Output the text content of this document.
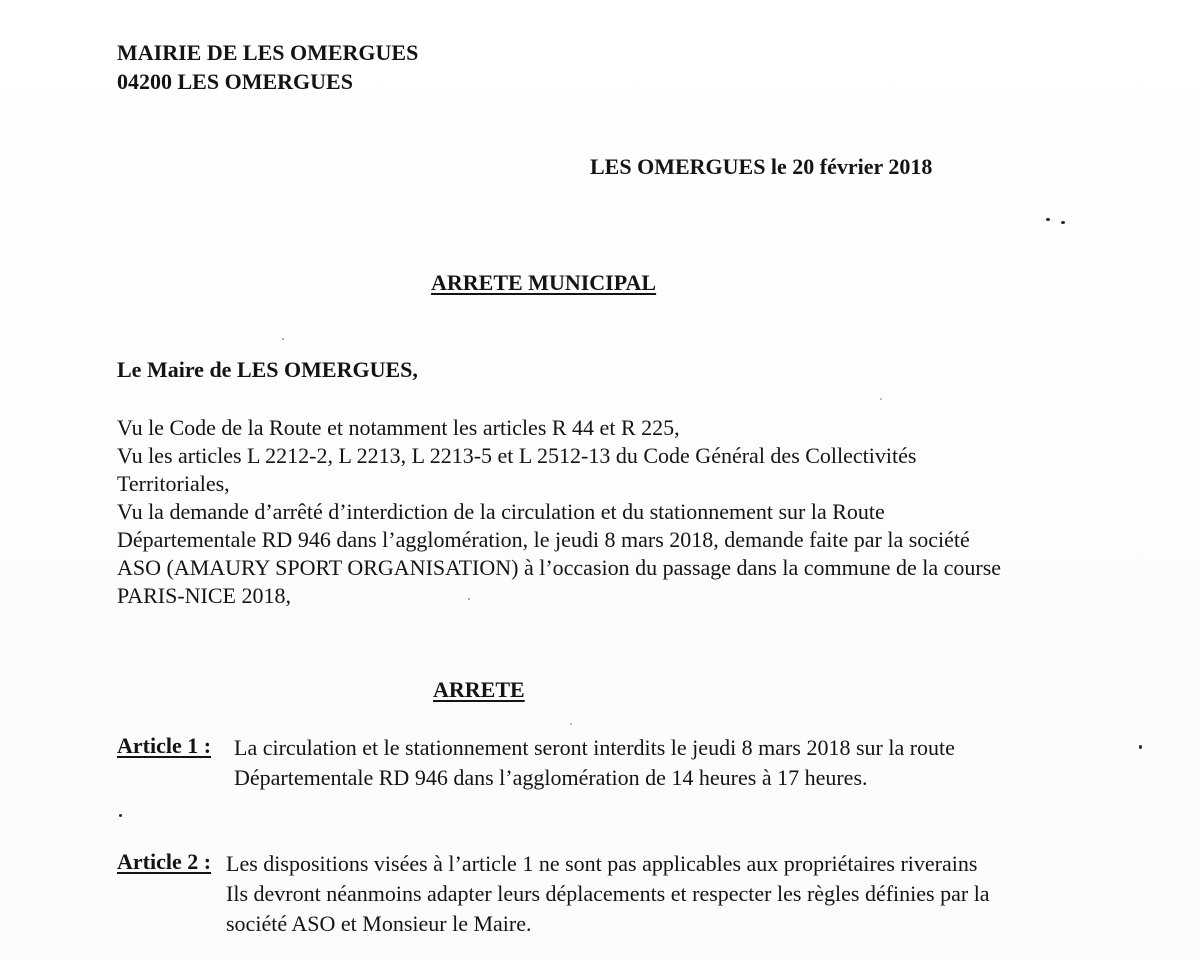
MAIRIE DE LES OMERGUES
04200 LES OMERGUES
LES OMERGUES le 20 février 2018
ARRETE MUNICIPAL
Le Maire de LES OMERGUES,
Vu le Code de la Route et notamment les articles R 44 et R 225,
Vu les articles L 2212-2, L 2213, L 2213-5 et L 2512-13 du Code Général des Collectivités
Territoriales,
Vu la demande d’arrêté d’interdiction de la circulation et du stationnement sur la Route
Départementale RD 946 dans l’agglomération, le jeudi 8 mars 2018, demande faite par la société
ASO (AMAURY SPORT ORGANISATION) à l’occasion du passage dans la commune de la course
PARIS-NICE 2018,
ARRETE
Article 1 : La circulation et le stationnement seront interdits le jeudi 8 mars 2018 sur la route
Départementale RD 946 dans l’agglomération de 14 heures à 17 heures.
Article 2 : Les dispositions visées à l’article 1 ne sont pas applicables aux propriétaires riverains
Ils devront néanmoins adapter leurs déplacements et respecter les règles définies par la
société ASO et Monsieur le Maire.
